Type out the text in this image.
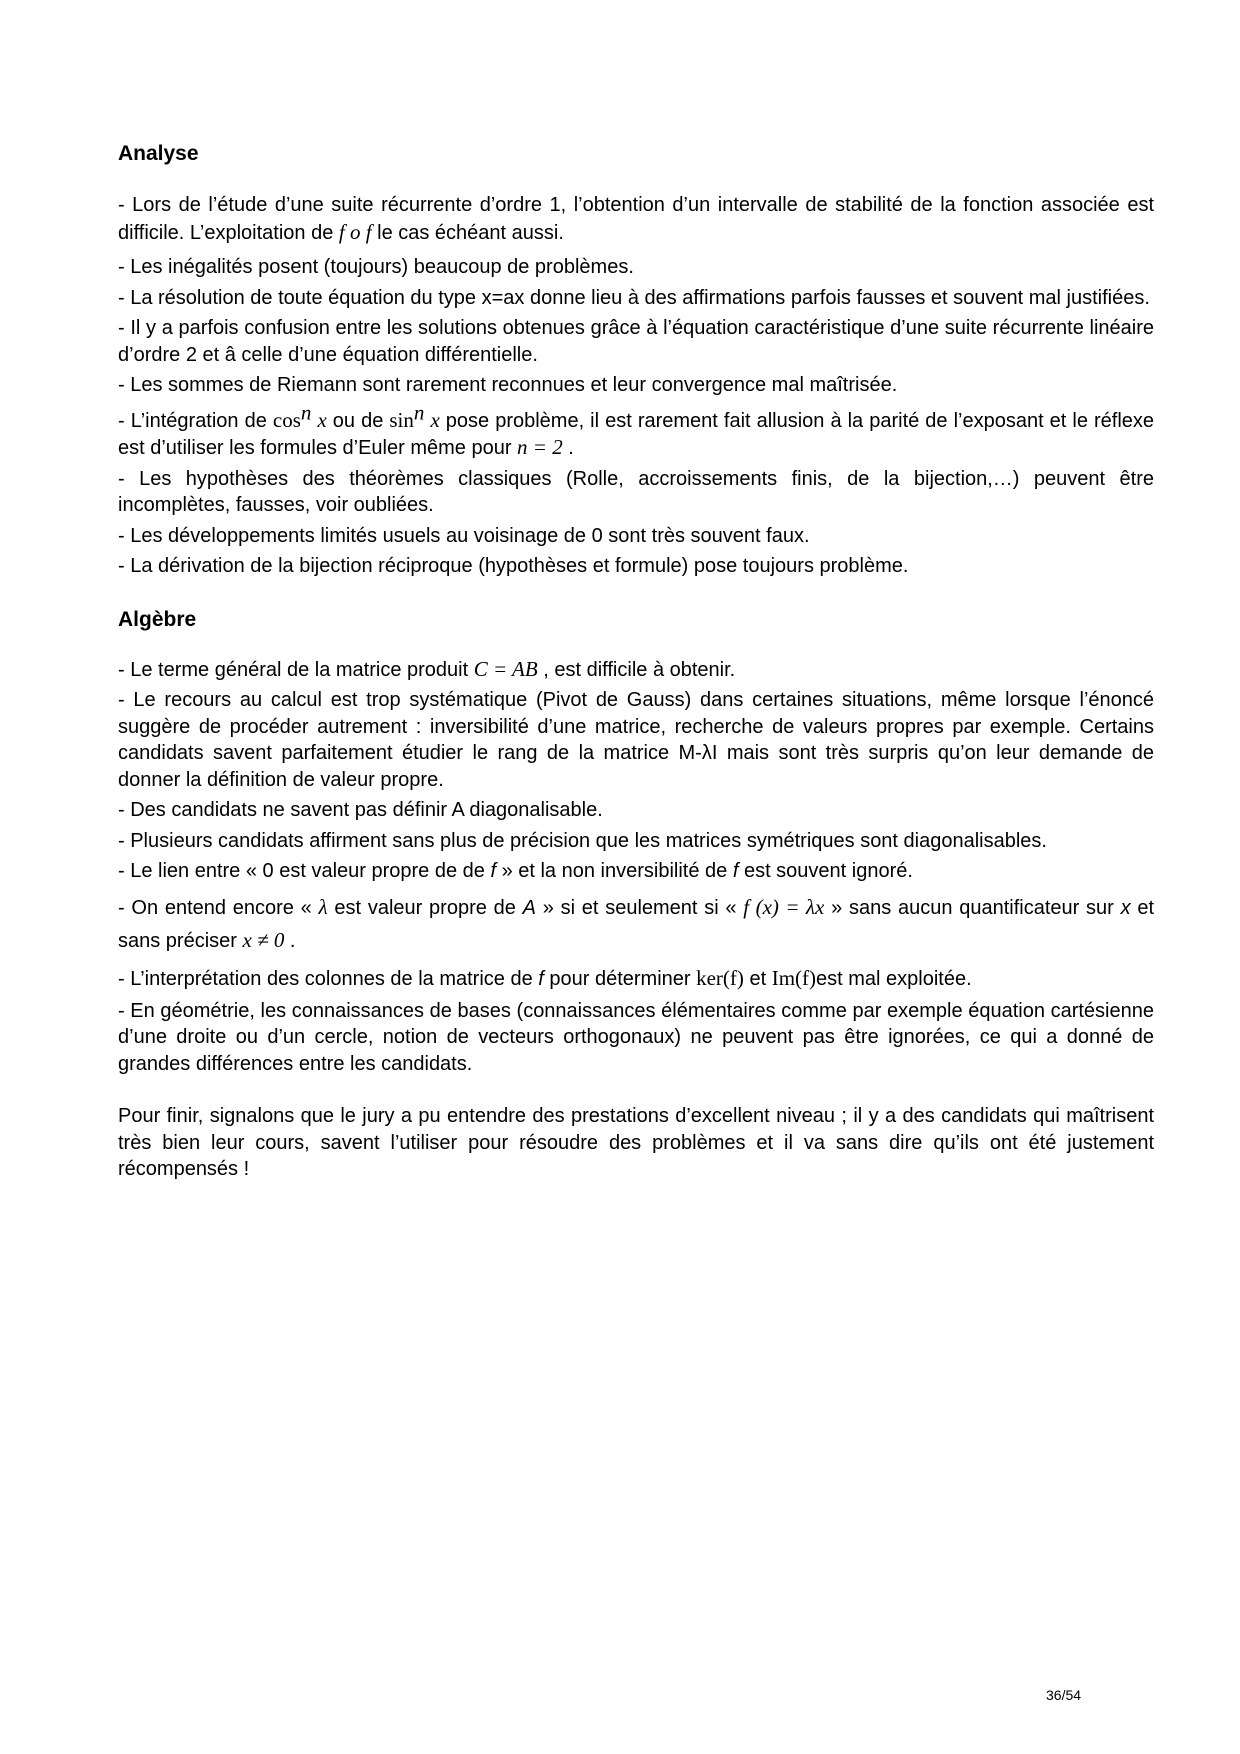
Analyse

- Lors de l’étude d’une suite récurrente d’ordre 1, l’obtention d’un intervalle de stabilité de la fonction associée est difficile. L’exploitation de f o f le cas échéant aussi.

- Les inégalités posent (toujours) beaucoup de problèmes.

- La résolution de toute équation du type x=ax donne lieu à des affirmations parfois fausses et souvent mal justifiées.

- Il y a parfois confusion entre les solutions obtenues grâce à l’équation caractéristique d’une suite récurrente linéaire d’ordre 2 et â celle d’une équation différentielle.

- Les sommes de Riemann sont rarement reconnues et leur convergence mal maîtrisée.

- L’intégration de $\cos^n x$ ou de $\sin^n x$ pose problème, il est rarement fait allusion à la parité de l’exposant et le réflexe est d’utiliser les formules d’Euler même pour n = 2 .

- Les hypothèses des théorèmes classiques (Rolle, accroissements finis, de la bijection,…) peuvent être incomplètes, fausses, voir oubliées.

- Les développements limités usuels au voisinage de 0 sont très souvent faux.

- La dérivation de la bijection réciproque (hypothèses et formule) pose toujours problème.

Algèbre

- Le terme général de la matrice produit C = AB , est difficile à obtenir.

- Le recours au calcul est trop systématique (Pivot de Gauss) dans certaines situations, même lorsque l’énoncé suggère de procéder autrement : inversibilité d’une matrice, recherche de valeurs propres par exemple. Certains candidats savent parfaitement étudier le rang de la matrice M-λI mais sont très surpris qu’on leur demande de donner la définition de valeur propre.

- Des candidats ne savent pas définir A diagonalisable.

- Plusieurs candidats affirment sans plus de précision que les matrices symétriques sont diagonalisables.

- Le lien entre « 0 est valeur propre de de f » et la non inversibilité de f est souvent ignoré.

- On entend encore « λ est valeur propre de A » si et seulement si « f (x) = λx » sans aucun quantificateur sur x et sans préciser x ≠ 0 .

- L’interprétation des colonnes de la matrice de f pour déterminer ker(f) et Im(f)est mal exploitée.

- En géométrie, les connaissances de bases (connaissances élémentaires comme par exemple équation cartésienne d’une droite ou d’un cercle, notion de vecteurs orthogonaux) ne peuvent pas être ignorées, ce qui a donné de grandes différences entre les candidats.

Pour finir, signalons que le jury a pu entendre des prestations d’excellent niveau ; il y a des candidats qui maîtrisent très bien leur cours, savent l’utiliser pour résoudre des problèmes et il va sans dire qu’ils ont été justement récompensés !

36/54
